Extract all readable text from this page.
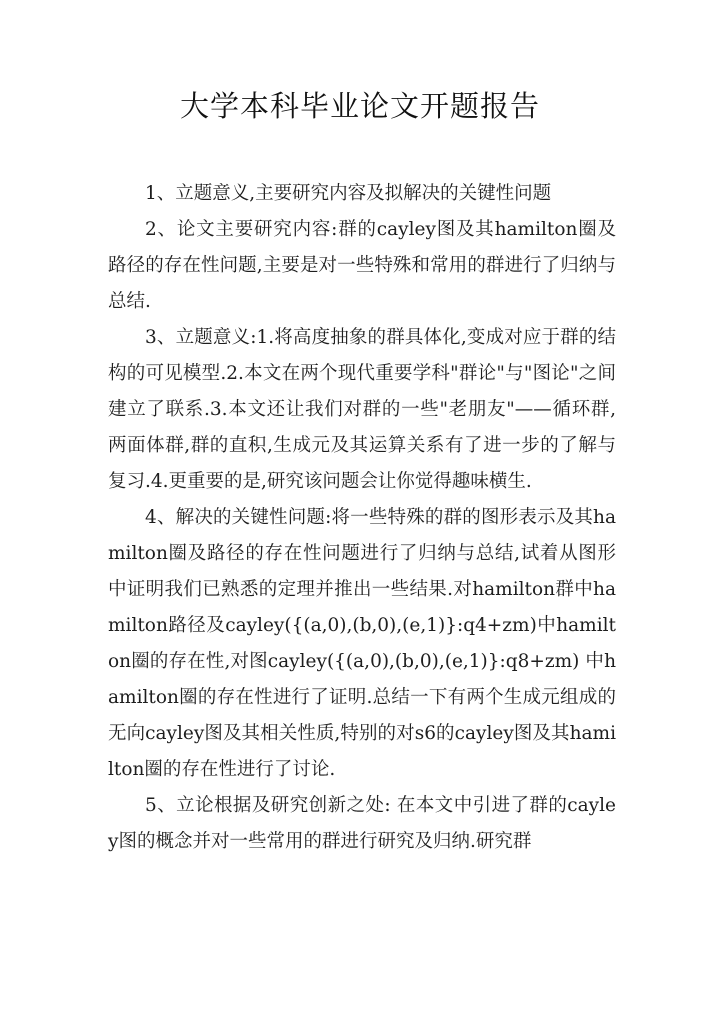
大学本科毕业论文开题报告

1、立题意义,主要研究内容及拟解决的关键性问题

2、论文主要研究内容:群的cayley图及其hamilton圈及路径的存在性问题,主要是对一些特殊和常用的群进行了归纳与总结.

3、立题意义:1.将高度抽象的群具体化,变成对应于群的结构的可见模型.2.本文在两个现代重要学科"群论"与"图论"之间建立了联系.3.本文还让我们对群的一些"老朋友"——循环群,两面体群,群的直积,生成元及其运算关系有了进一步的了解与复习.4.更重要的是,研究该问题会让你觉得趣味横生.

4、解决的关键性问题:将一些特殊的群的图形表示及其hamilton圈及路径的存在性问题进行了归纳与总结,试着从图形中证明我们已熟悉的定理并推出一些结果.对hamilton群中hamilton路径及cayley({(a,0),(b,0),(e,1)}:q4+zm)中hamilton圈的存在性,对图cayley({(a,0),(b,0),(e,1)}:q8+zm) 中hamilton圈的存在性进行了证明.总结一下有两个生成元组成的无向cayley图及其相关性质,特别的对s6的cayley图及其hamilton圈的存在性进行了讨论.

5、立论根据及研究创新之处: 在本文中引进了群的cayley图的概念并对一些常用的群进行研究及归纳.研究群
